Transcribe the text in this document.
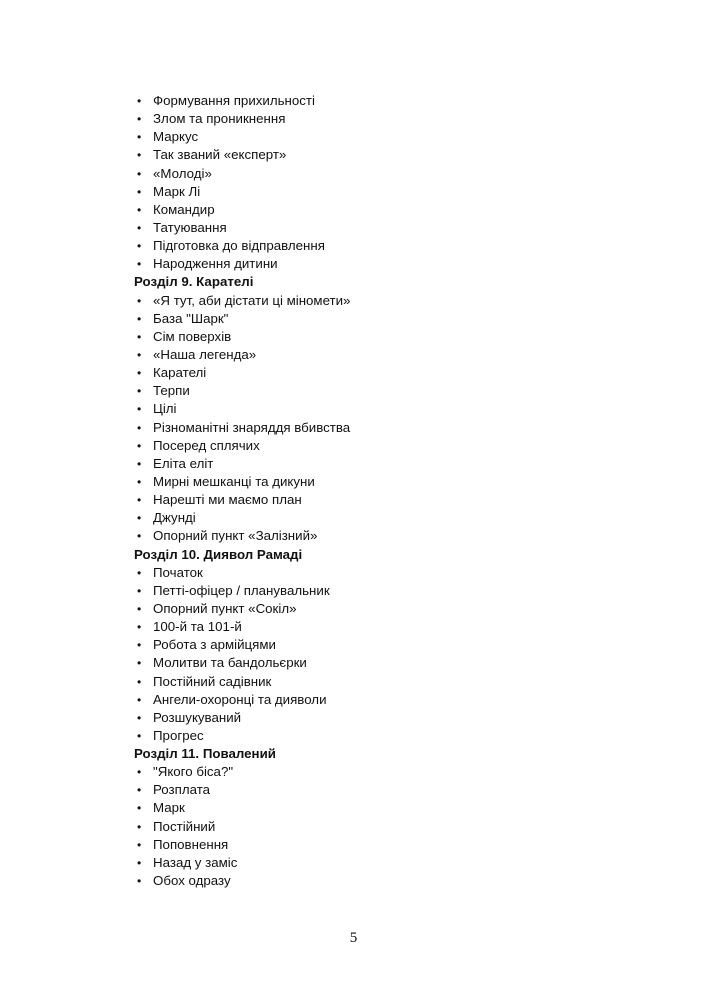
• Формування прихильності
• Злом та проникнення
• Маркус
• Так званий «експерт»
• «Молоді»
• Марк Лі
• Командир
• Татуювання
• Підготовка до відправлення
• Народження дитини
Розділ 9. Карателі
• «Я тут, аби дістати ці міномети»
• База "Шарк"
• Сім поверхів
• «Наша легенда»
• Карателі
• Терпи
• Цілі
• Різноманітні знаряддя вбивства
• Посеред сплячих
• Еліта еліт
• Мирні мешканці та дикуни
• Нарешті ми маємо план
• Джунді
• Опорний пункт «Залізний»
Розділ 10. Диявол Рамаді
• Початок
• Петті-офіцер / планувальник
• Опорний пункт «Сокіл»
• 100-й та 101-й
• Робота з армійцями
• Молитви та бандольєрки
• Постійний садівник
• Ангели-охоронці та дияволи
• Розшукуваний
• Прогрес
Розділ 11. Повалений
• "Якого біса?"
• Розплата
• Марк
• Постійний
• Поповнення
• Назад у заміс
• Обох одразу
5
